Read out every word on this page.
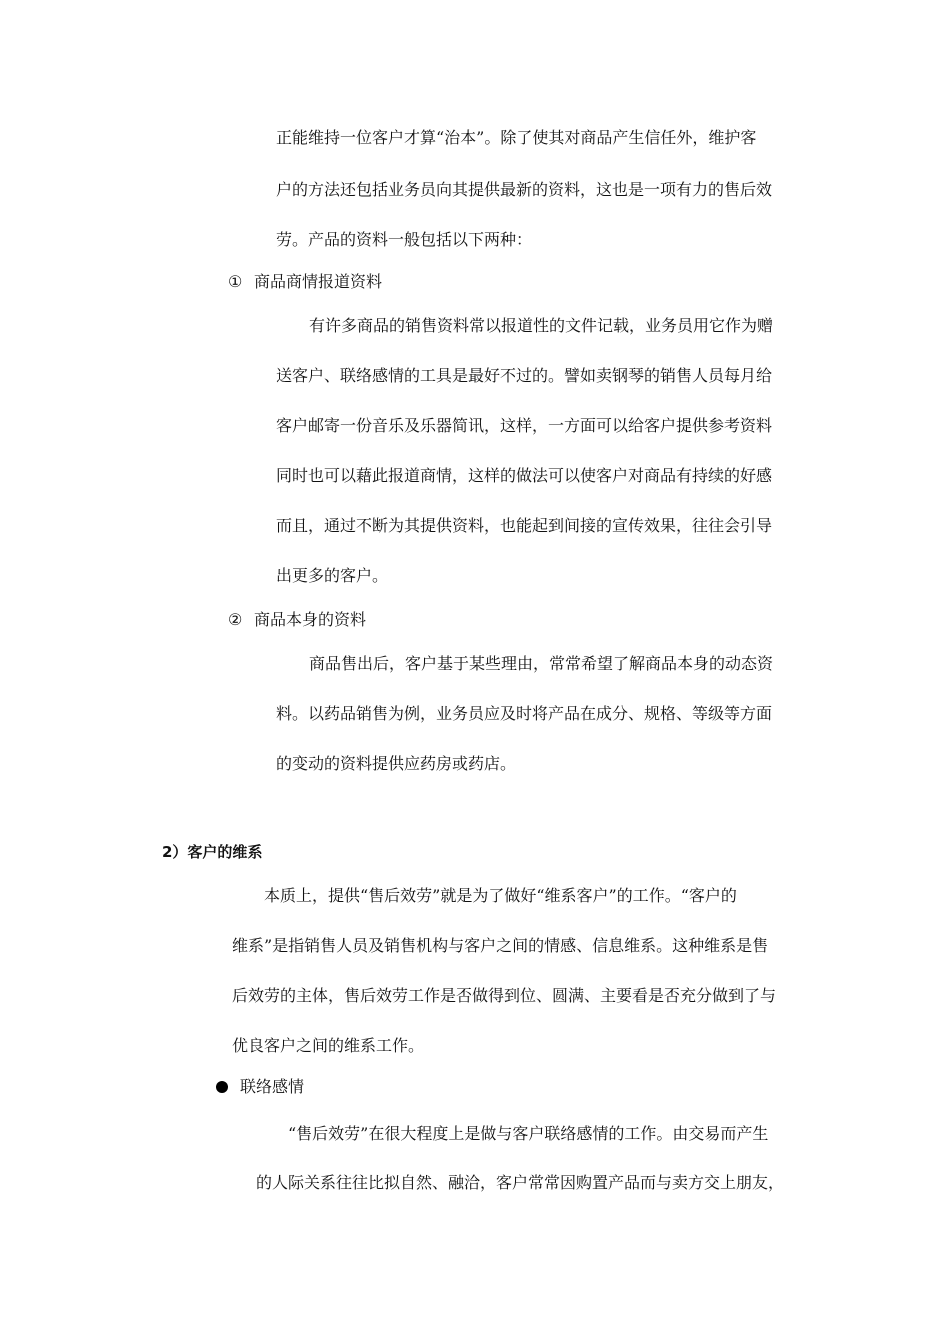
正能维持一位客户才算“治本”。除了使其对商品产生信任外，维护客
户的方法还包括业务员向其提供最新的资料，这也是一项有力的售后效
劳。产品的资料一般包括以下两种：
① 商品商情报道资料
有许多商品的销售资料常以报道性的文件记载，业务员用它作为赠
送客户、联络感情的工具是最好不过的。譬如卖钢琴的销售人员每月给
客户邮寄一份音乐及乐器简讯，这样，一方面可以给客户提供参考资料
同时也可以藉此报道商情，这样的做法可以使客户对商品有持续的好感
而且，通过不断为其提供资料，也能起到间接的宣传效果，往往会引导
出更多的客户。
② 商品本身的资料
商品售出后，客户基于某些理由，常常希望了解商品本身的动态资
料。以药品销售为例，业务员应及时将产品在成分、规格、等级等方面
的变动的资料提供应药房或药店。
2）客户的维系
本质上，提供“售后效劳”就是为了做好“维系客户”的工作。“客户的
维系”是指销售人员及销售机构与客户之间的情感、信息维系。这种维系是售
后效劳的主体，售后效劳工作是否做得到位、圆满、主要看是否充分做到了与
优良客户之间的维系工作。
联络感情
“售后效劳”在很大程度上是做与客户联络感情的工作。由交易而产生
的人际关系往往比拟自然、融洽，客户常常因购置产品而与卖方交上朋友，
